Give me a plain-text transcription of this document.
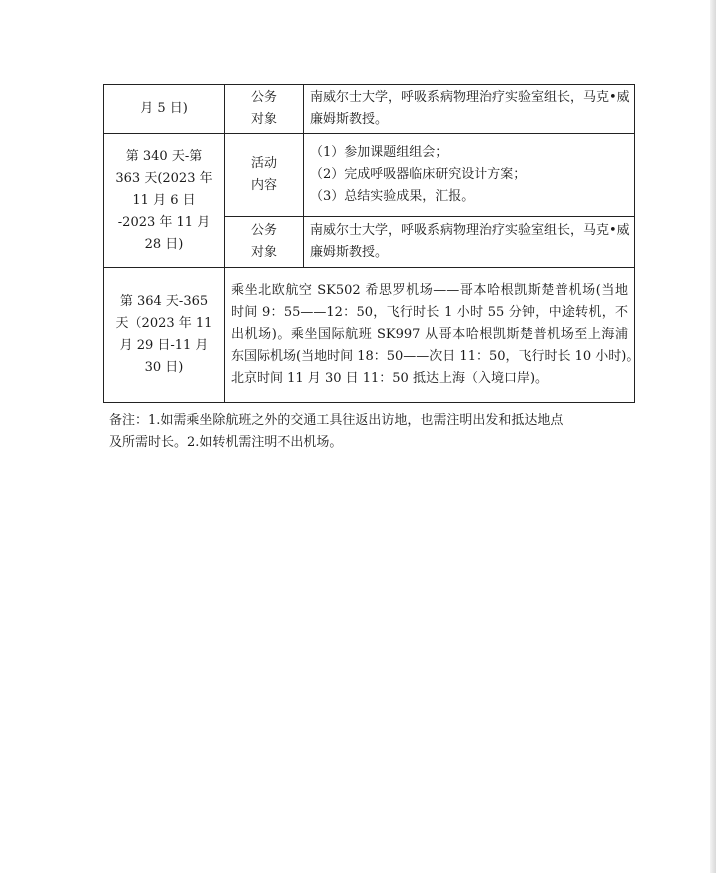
月 5 日)	公务
对象	南威尔士大学，呼吸系病物理治疗实验室组长，马克•威
廉姆斯教授。

第 340 天-第
363 天(2023 年
11 月 6 日
-2023 年 11 月
28 日)	活动
内容	（1）参加课题组组会；
（2）完成呼吸器临床研究设计方案；
（3）总结实验成果，汇报。

	公务
对象	南威尔士大学，呼吸系病物理治疗实验室组长，马克•威
廉姆斯教授。

第 364 天-365
天（2023 年 11
月 29 日-11 月
30 日)	乘坐北欧航空 SK502 希思罗机场——哥本哈根凯斯楚普机场(当地
时间 9：55——12：50，飞行时长 1 小时 55 分钟，中途转机，不
出机场)。乘坐国际航班 SK997 从哥本哈根凯斯楚普机场至上海浦
东国际机场(当地时间 18：50——次日 11：50，飞行时长 10 小时)。
北京时间 11 月 30 日 11：50 抵达上海（入境口岸)。	
备注：1.如需乘坐除航班之外的交通工具往返出访地，也需注明出发和抵达地点
及所需时长。2.如转机需注明不出机场。
